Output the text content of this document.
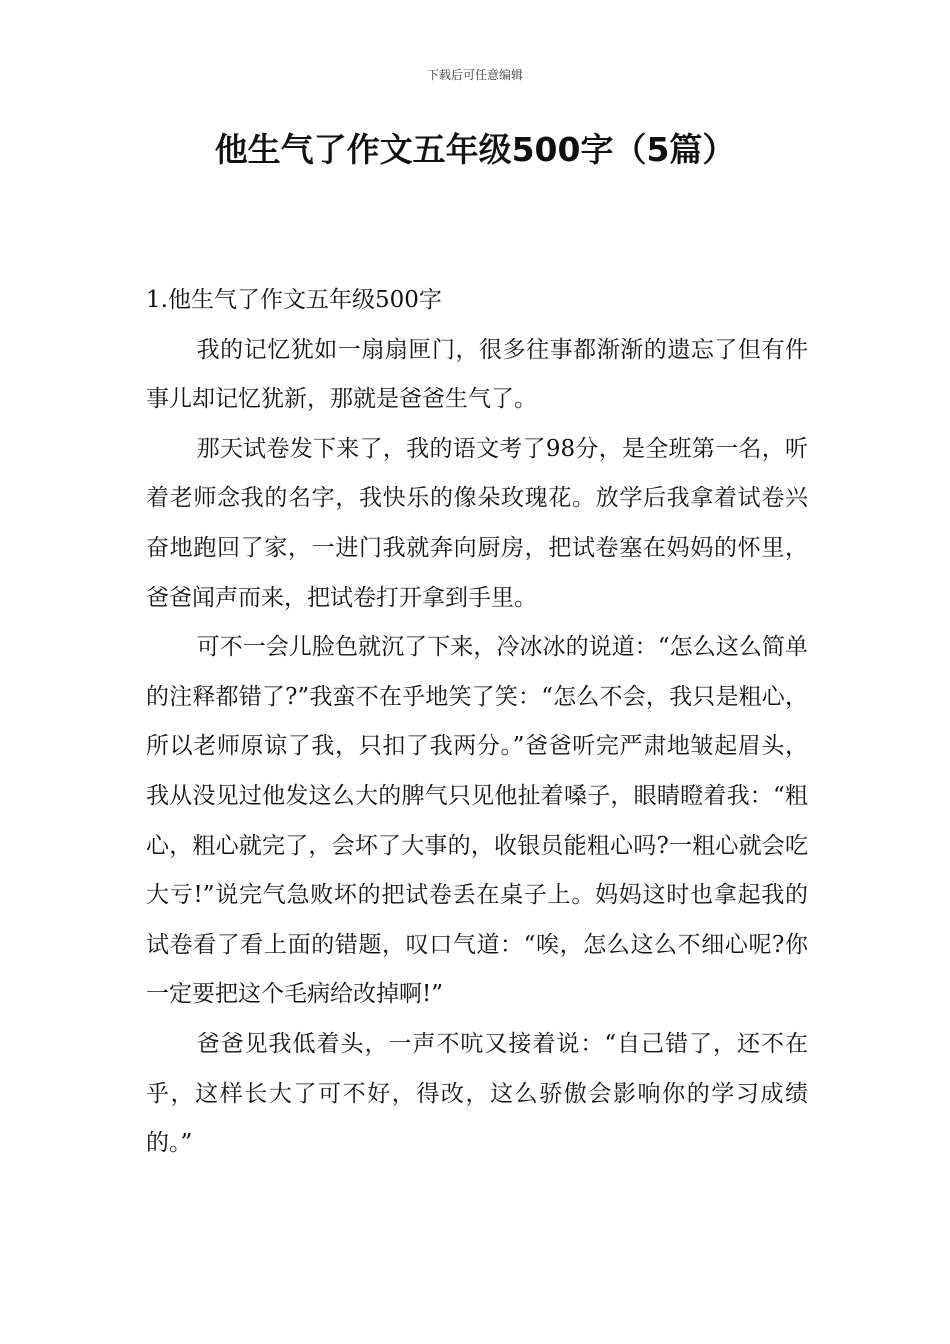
下载后可任意编辑
他生气了作文五年级500字（5篇）

1.他生气了作文五年级500字

我的记忆犹如一扇扇匣门，很多往事都渐渐的遗忘了但有件事儿却记忆犹新，那就是爸爸生气了。

那天试卷发下来了，我的语文考了98分，是全班第一名，听着老师念我的名字，我快乐的像朵玫瑰花。放学后我拿着试卷兴奋地跑回了家，一进门我就奔向厨房，把试卷塞在妈妈的怀里，爸爸闻声而来，把试卷打开拿到手里。

可不一会儿脸色就沉了下来，冷冰冰的说道：“怎么这么简单的注释都错了?”我蛮不在乎地笑了笑：“怎么不会，我只是粗心，所以老师原谅了我，只扣了我两分。”爸爸听完严肃地皱起眉头，我从没见过他发这么大的脾气只见他扯着嗓子，眼睛瞪着我：“粗心，粗心就完了，会坏了大事的，收银员能粗心吗?一粗心就会吃大亏!”说完气急败坏的把试卷丢在桌子上。妈妈这时也拿起我的试卷看了看上面的错题，叹口气道：“唉，怎么这么不细心呢?你一定要把这个毛病给改掉啊!”

爸爸见我低着头，一声不吭又接着说：“自己错了，还不在乎，这样长大了可不好，得改，这么骄傲会影响你的学习成绩的。”
